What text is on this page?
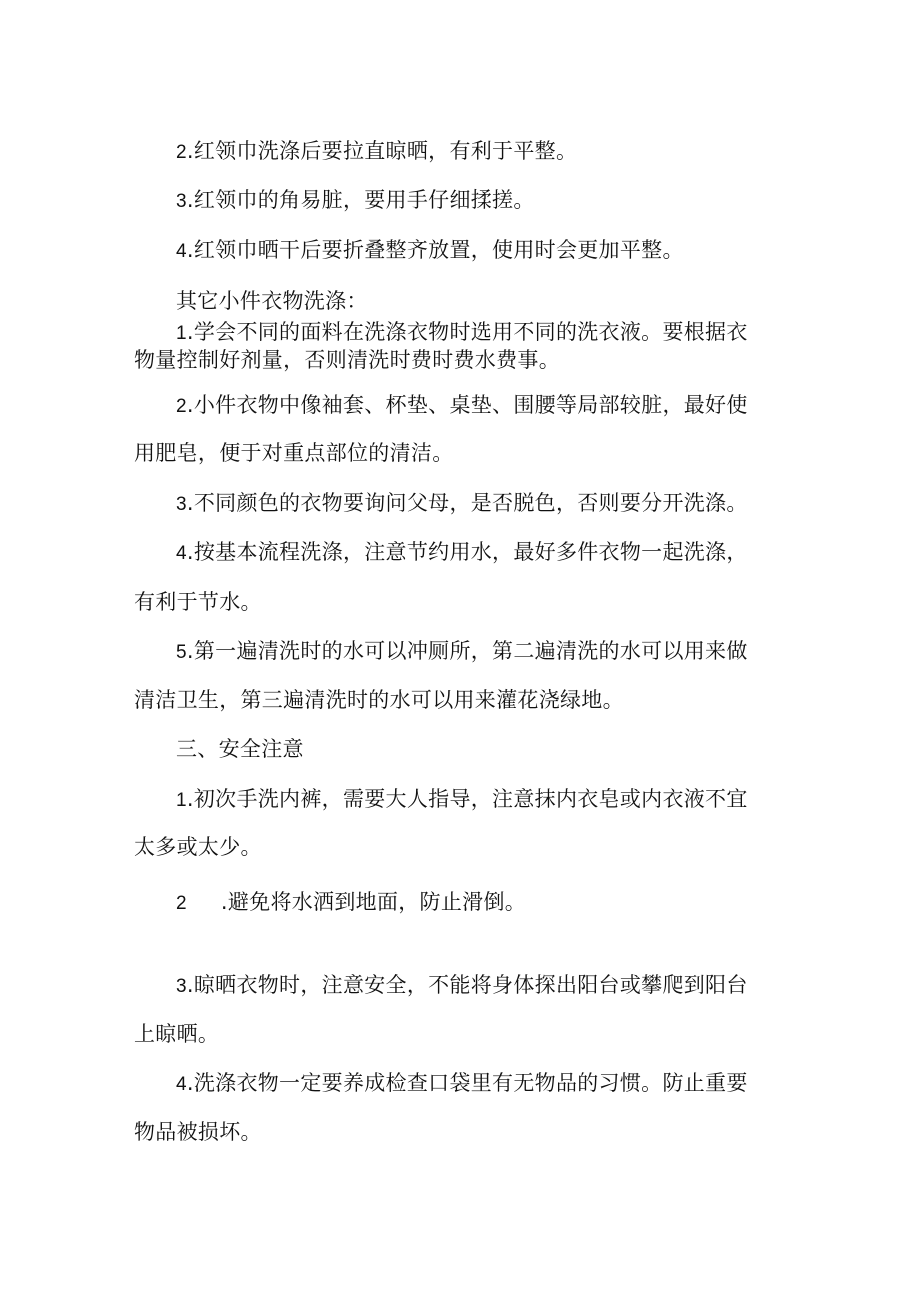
2.红领巾洗涤后要拉直晾晒，有利于平整。
3.红领巾的角易脏，要用手仔细揉搓。
4.红领巾晒干后要折叠整齐放置，使用时会更加平整。
其它小件衣物洗涤：
1.学会不同的面料在洗涤衣物时选用不同的洗衣液。要根据衣
物量控制好剂量，否则清洗时费时费水费事。
2.小件衣物中像袖套、杯垫、桌垫、围腰等局部较脏，最好使
用肥皂，便于对重点部位的清洁。
3.不同颜色的衣物要询问父母，是否脱色，否则要分开洗涤。
4.按基本流程洗涤，注意节约用水，最好多件衣物一起洗涤，
有利于节水。
5.第一遍清洗时的水可以冲厕所，第二遍清洗的水可以用来做
清洁卫生，第三遍清洗时的水可以用来灌花浇绿地。
三、安全注意
1.初次手洗内裤，需要大人指导，注意抹内衣皂或内衣液不宜
太多或太少。
2 .避免将水洒到地面，防止滑倒。
3.晾晒衣物时，注意安全，不能将身体探出阳台或攀爬到阳台
上晾晒。
4.洗涤衣物一定要养成检查口袋里有无物品的习惯。防止重要
物品被损坏。
